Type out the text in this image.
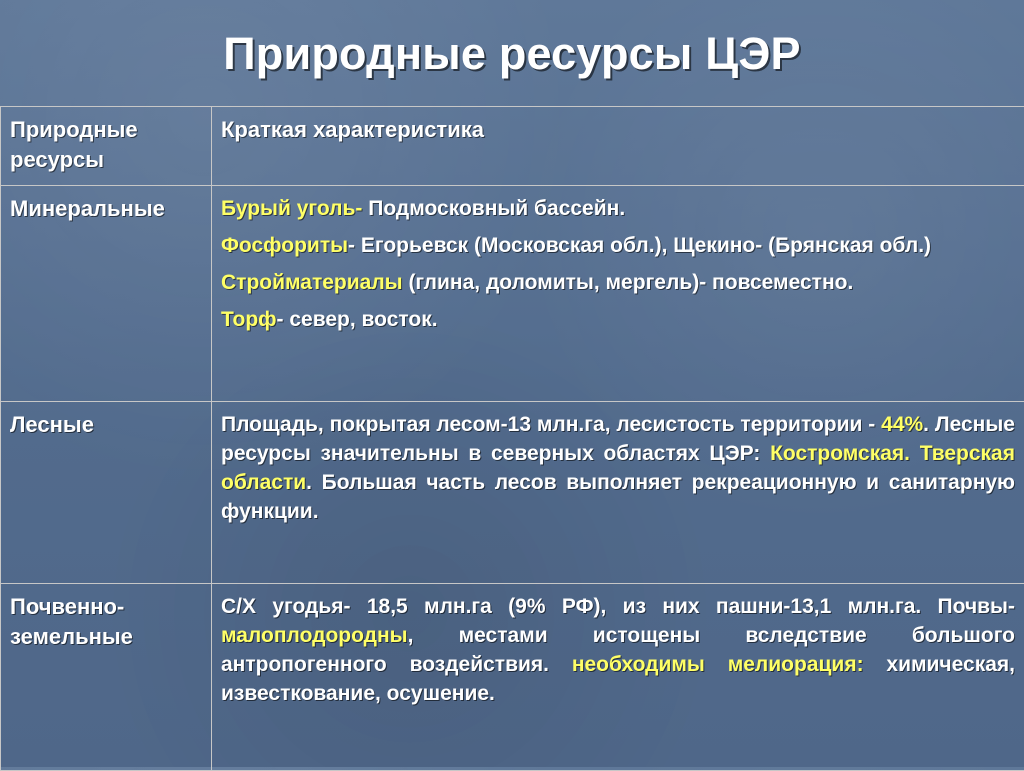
Природные ресурсы ЦЭР
Природные ресурсы	Краткая характеристика

Минеральные	Бурый уголь- Подмосковный бассейн.

Фосфориты- Егорьевск (Московская обл.), Щекино- (Брянская обл.)

Стройматериалы (глина, доломиты, мергель)- повсеместно.

Торф- север, восток.

Лесные	Площадь, покрытая лесом-13 млн.га, лесистость территории - 44%. Лесные ресурсы значительны в северных областях ЦЭР: Костромская. Тверская области. Большая часть лесов выполняет рекреационную и санитарную функции.

Почвенно-земельные	С/Х угодья- 18,5 млн.га (9% РФ), из них пашни-13,1 млн.га. Почвы- малоплодородны, местами истощены вследствие большого антропогенного воздействия. необходимы мелиорация: химическая, известкование, осушение.
